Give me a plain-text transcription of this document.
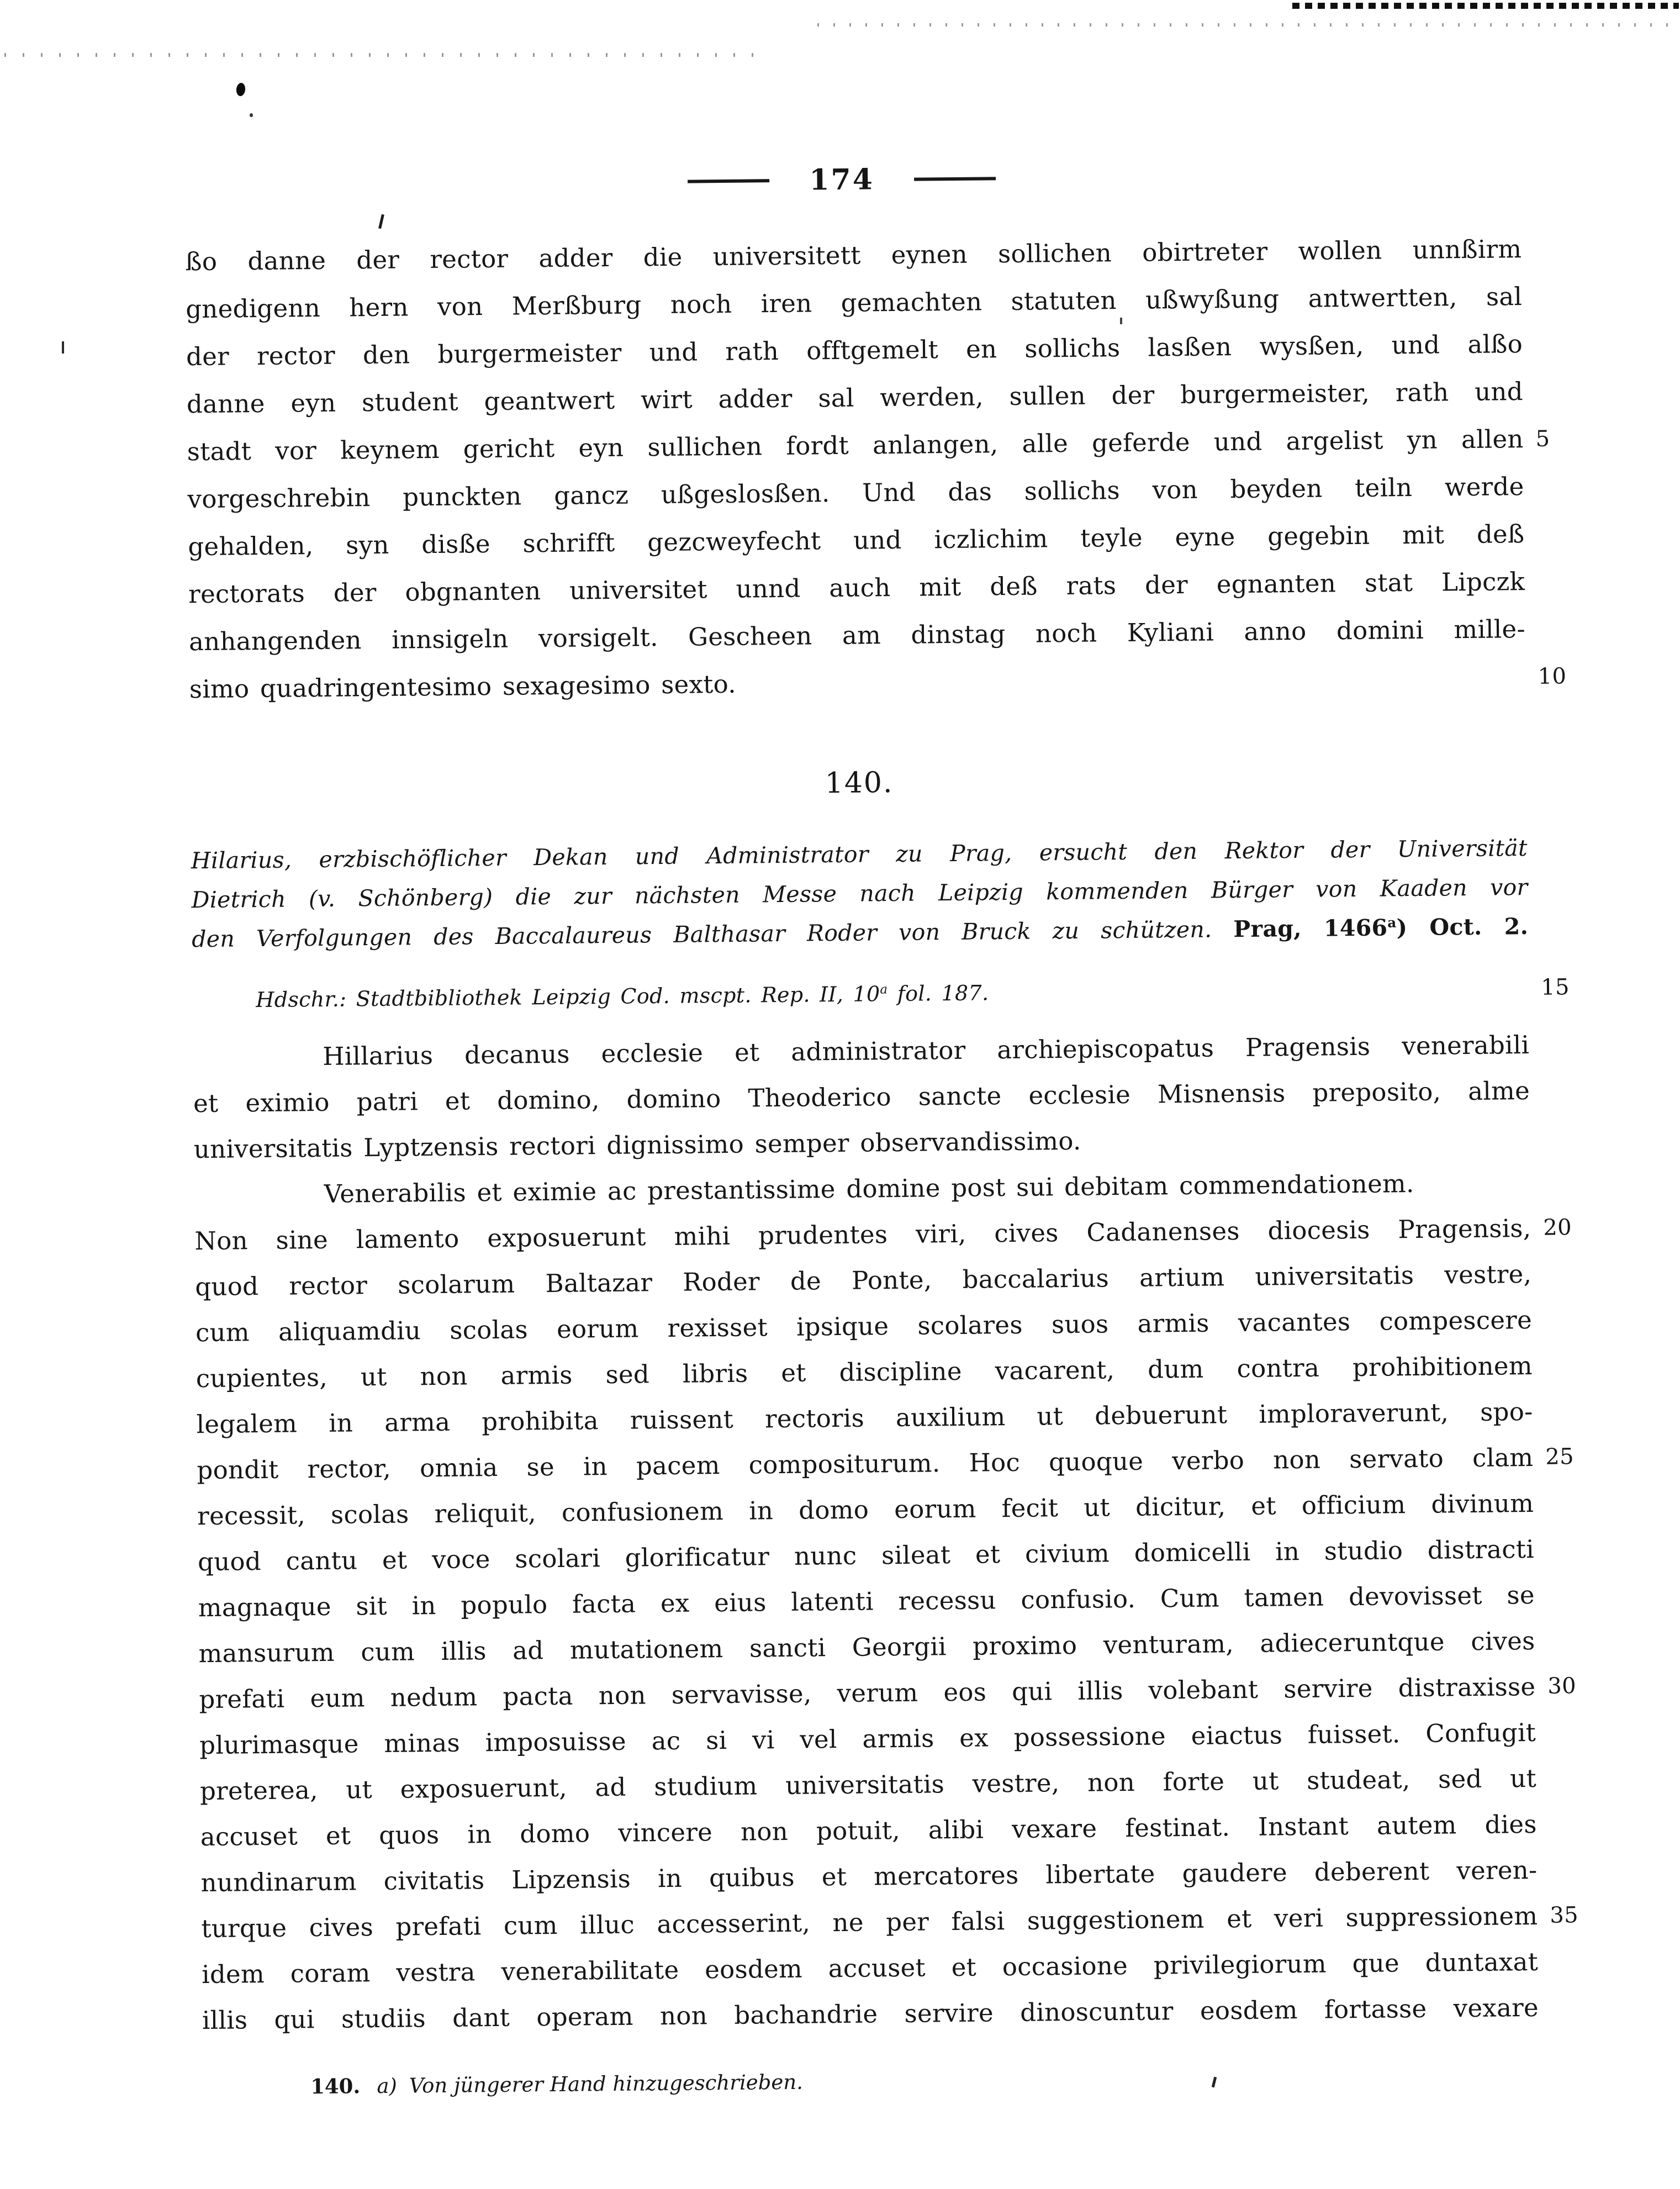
174
ßo danne der rector adder die universitett eynen sollichen obirtreter wollen unnßirm
gnedigenn hern von Merßburg noch iren gemachten statuten ußwyßung antwertten, sal
der rector den burgermeister und rath offtgemelt en sollichs lasßen wysßen, und alßo
danne eyn student geantwert wirt adder sal werden, sullen der burgermeister, rath und
stadt vor keynem gericht eyn sullichen fordt anlangen, alle geferde und argelist yn allen 5
vorgeschrebin punckten gancz ußgeslosßen. Und das sollichs von beyden teiln werde
gehalden, syn disße schrifft gezcweyfecht und iczlichim teyle eyne gegebin mit deß
rectorats der obgnanten universitet unnd auch mit deß rats der egnanten stat Lipczk
anhangenden innsigeln vorsigelt. Gescheen am dinstag noch Kyliani anno domini mille-
simo quadringentesimo sexagesimo sexto.	10
140.
Hilarius, erzbischöflicher Dekan und Administrator zu Prag, ersucht den Rektor der Universität
Dietrich (v. Schönberg) die zur nächsten Messe nach Leipzig kommenden Bürger von Kaaden vor
den Verfolgungen des Baccalaureus Balthasar Roder von Bruck zu schützen. Prag, 1466$^a$) Oct. 2.
Hdschr.: Stadtbibliothek Leipzig Cod. mscpt. Rep. II, 10$^a$ fol. 187.	15
Hillarius decanus ecclesie et administrator archiepiscopatus Pragensis venerabili
et eximio patri et domino, domino Theoderico sancte ecclesie Misnensis preposito, alme
universitatis Lyptzensis rectori dignissimo semper observandissimo.
Venerabilis et eximie ac prestantissime domine post sui debitam commendationem.
Non sine lamento exposuerunt mihi prudentes viri, cives Cadanenses diocesis Pragensis, 20
quod rector scolarum Baltazar Roder de Ponte, baccalarius artium universitatis vestre,
cum aliquamdiu scolas eorum rexisset ipsique scolares suos armis vacantes compescere
cupientes, ut non armis sed libris et discipline vacarent, dum contra prohibitionem
legalem in arma prohibita ruissent rectoris auxilium ut debuerunt imploraverunt, spo-
pondit rector, omnia se in pacem compositurum. Hoc quoque verbo non servato clam 25
recessit, scolas reliquit, confusionem in domo eorum fecit ut dicitur, et officium divinum
quod cantu et voce scolari glorificatur nunc sileat et civium domicelli in studio distracti
magnaque sit in populo facta ex eius latenti recessu confusio. Cum tamen devovisset se
mansurum cum illis ad mutationem sancti Georgii proximo venturam, adieceruntque cives
prefati eum nedum pacta non servavisse, verum eos qui illis volebant servire distraxisse 30
plurimasque minas imposuisse ac si vi vel armis ex possessione eiactus fuisset. Confugit
preterea, ut exposuerunt, ad studium universitatis vestre, non forte ut studeat, sed ut
accuset et quos in domo vincere non potuit, alibi vexare festinat. Instant autem dies
nundinarum civitatis Lipzensis in quibus et mercatores libertate gaudere deberent veren-
turque cives prefati cum illuc accesserint, ne per falsi suggestionem et veri suppressionem 35
idem coram vestra venerabilitate eosdem accuset et occasione privilegiorum que duntaxat
illis qui studiis dant operam non bachandrie servire dinoscuntur eosdem fortasse vexare
140. a) Von jüngerer Hand hinzugeschrieben.
